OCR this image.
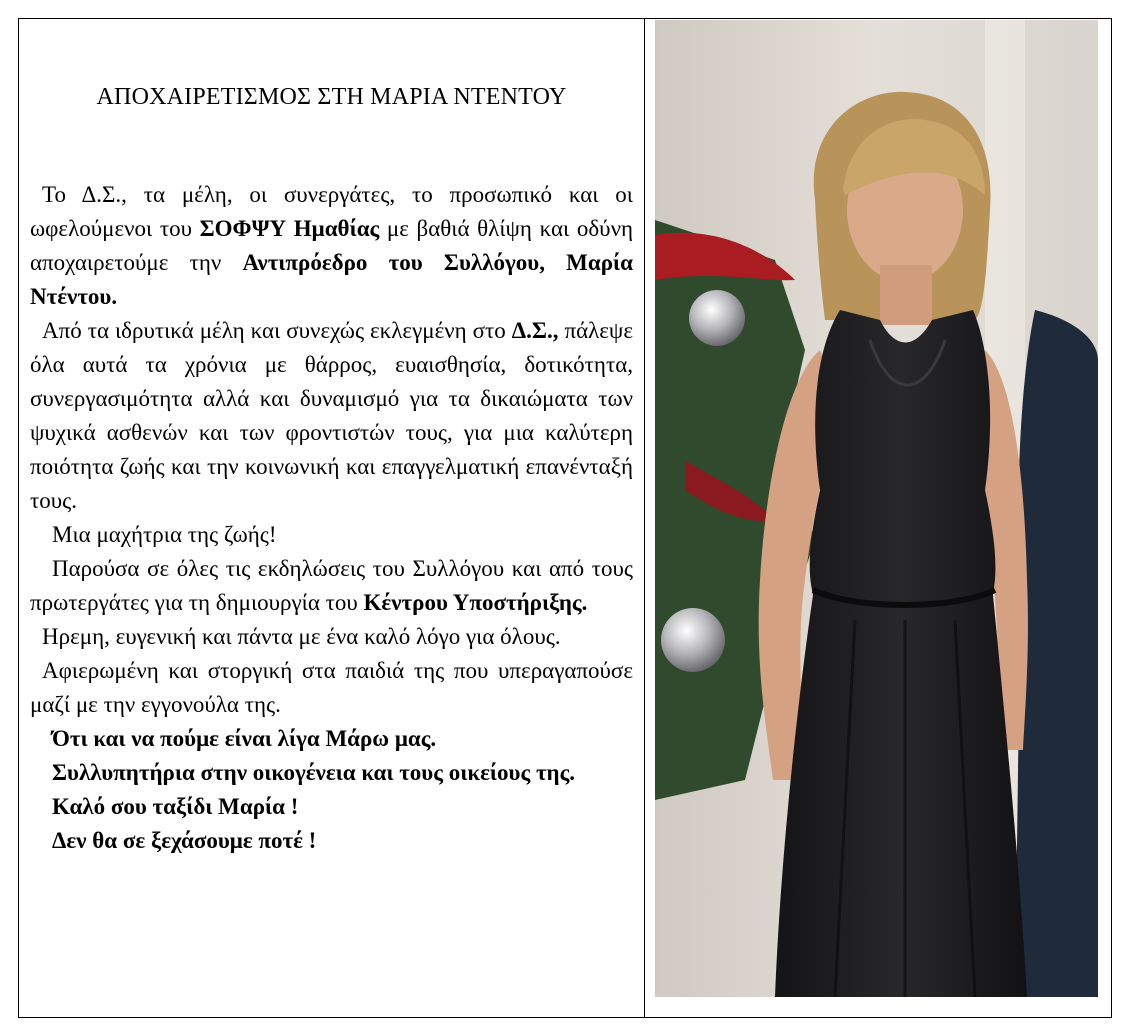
ΑΠΟΧΑΙΡΕΤΙΣΜΟΣ ΣΤΗ ΜΑΡΙΑ ΝΤΕΝΤΟΥ

Το Δ.Σ., τα μέλη, οι συνεργάτες, το προσωπικό και οι ωφελούμενοι του ΣΟΦΨΥ Ημαθίας με βαθιά θλίψη και οδύνη αποχαιρετούμε την Αντιπρόεδρο του Συλλόγου, Μαρία Ντέντου.

Από τα ιδρυτικά μέλη και συνεχώς εκλεγμένη στο Δ.Σ., πάλεψε όλα αυτά τα χρόνια με θάρρος, ευαισθησία, δοτικότητα, συνεργασιμότητα αλλά και δυναμισμό για τα δικαιώματα των ψυχικά ασθενών και των φροντιστών τους, για μια καλύτερη ποιότητα ζωής και την κοινωνική και επαγγελματική επανένταξή τους.

Μια μαχήτρια της ζωής!

Παρούσα σε όλες τις εκδηλώσεις του Συλλόγου και από τους πρωτεργάτες για τη δημιουργία του Κέντρου Υποστήριξης.

Ηρεμη, ευγενική και πάντα με ένα καλό λόγο για όλους.

Αφιερωμένη και στοργική στα παιδιά της που υπεραγαπούσε μαζί με την εγγονούλα της.

Ότι και να πούμε είναι λίγα Μάρω μας.

Συλλυπητήρια στην οικογένεια και τους οικείους της.

Καλό σου ταξίδι Μαρία !

Δεν θα σε ξεχάσουμε ποτέ !
